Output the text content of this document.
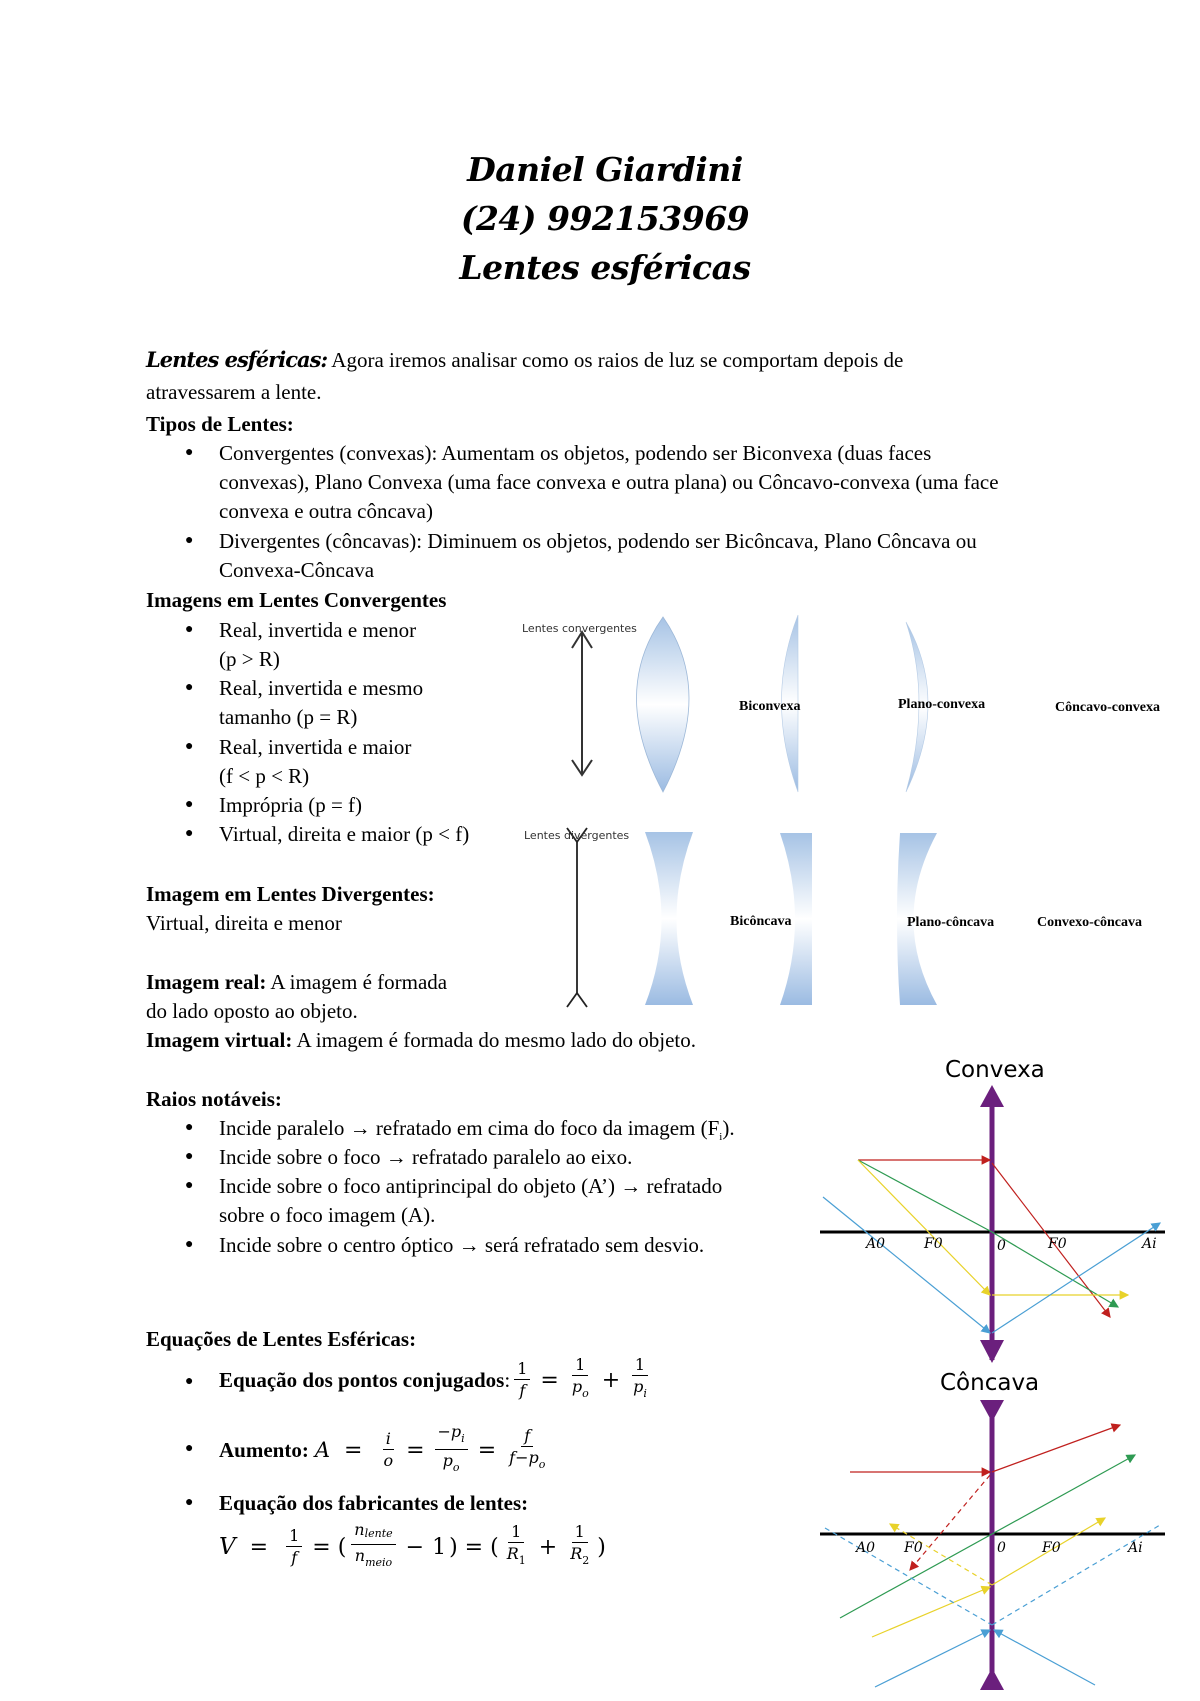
Daniel Giardini
(24) 992153969
Lentes esféricas
Lentes esféricas: Agora iremos analisar como os raios de luz se comportam depois de
atravessarem a lente.
Tipos de Lentes:
● Convergentes (convexas): Aumentam os objetos, podendo ser Biconvexa (duas faces
convexas), Plano Convexa (uma face convexa e outra plana) ou Côncavo-convexa (uma face
convexa e outra côncava)
● Divergentes (côncavas): Diminuem os objetos, podendo ser Bicôncava, Plano Côncava ou
Convexa-Côncava
Imagens em Lentes Convergentes
● Real, invertida e menor
(p > R)
● Real, invertida e mesmo
tamanho (p = R)
● Real, invertida e maior
(f < p < R)
● Imprópria (p = f)
● Virtual, direita e maior (p < f)
Imagem em Lentes Divergentes:
Virtual, direita e menor
Imagem real: A imagem é formada
do lado oposto ao objeto.
Imagem virtual: A imagem é formada do mesmo lado do objeto.
Raios notáveis:
● Incide paralelo → refratado em cima do foco da imagem $(F_i)$.
● Incide sobre o foco → refratado paralelo ao eixo.
● Incide sobre o foco antiprincipal do objeto (A’) → refratado
sobre o foco imagem (A).
● Incide sobre o centro óptico → será refratado sem desvio.
Equações de Lentes Esféricas:
● Equação dos pontos conjugados : $\frac{1}{f} = \frac{1}{p_o} + \frac{1}{p_i}$
● Aumento: $A = \frac{i}{o} = \frac{-p_i}{p_o} = \frac{f}{f-p_o}$
● Equação dos fabricantes de lentes:
$V = \frac{1}{f}$ = ( $\frac{\text{nlente}}{n_{meio}} - 1$ ) = ( $\frac{1}{R_1} + \frac{1}{R_2}$ )
Lentes convergentes
Lentes divergentes
Biconvexa	Plano-convexa	Côncavo-convexa
Bicôncava	Plano-côncava	Convexo-côncava
Convexa
A0	F0	0	F0	Ai
Côncava
A0 F0	0	F0	Ai
